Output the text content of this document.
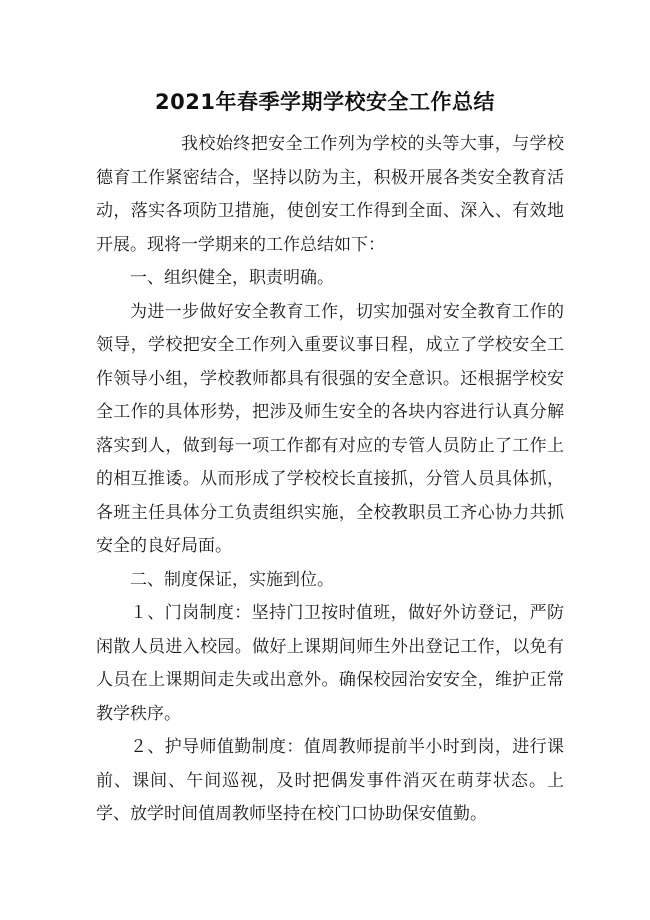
2021年春季学期学校安全工作总结

我校始终把安全工作列为学校的头等大事，与学校德育工作紧密结合，坚持以防为主，积极开展各类安全教育活动，落实各项防卫措施，使创安工作得到全面、深入、有效地开展。现将一学期来的工作总结如下：

一、组织健全，职责明确。

为进一步做好安全教育工作，切实加强对安全教育工作的领导，学校把安全工作列入重要议事日程，成立了学校安全工作领导小组，学校教师都具有很强的安全意识。还根据学校安全工作的具体形势，把涉及师生安全的各块内容进行认真分解落实到人，做到每一项工作都有对应的专管人员防止了工作上的相互推诿。从而形成了学校校长直接抓，分管人员具体抓，各班主任具体分工负责组织实施，全校教职员工齐心协力共抓安全的良好局面。

二、制度保证，实施到位。

１、门岗制度：坚持门卫按时值班，做好外访登记，严防闲散人员进入校园。做好上课期间师生外出登记工作，以免有人员在上课期间走失或出意外。确保校园治安安全，维护正常教学秩序。

２、护导师值勤制度：值周教师提前半小时到岗，进行课前、课间、午间巡视，及时把偶发事件消灭在萌芽状态。上学、放学时间值周教师坚持在校门口协助保安值勤。
